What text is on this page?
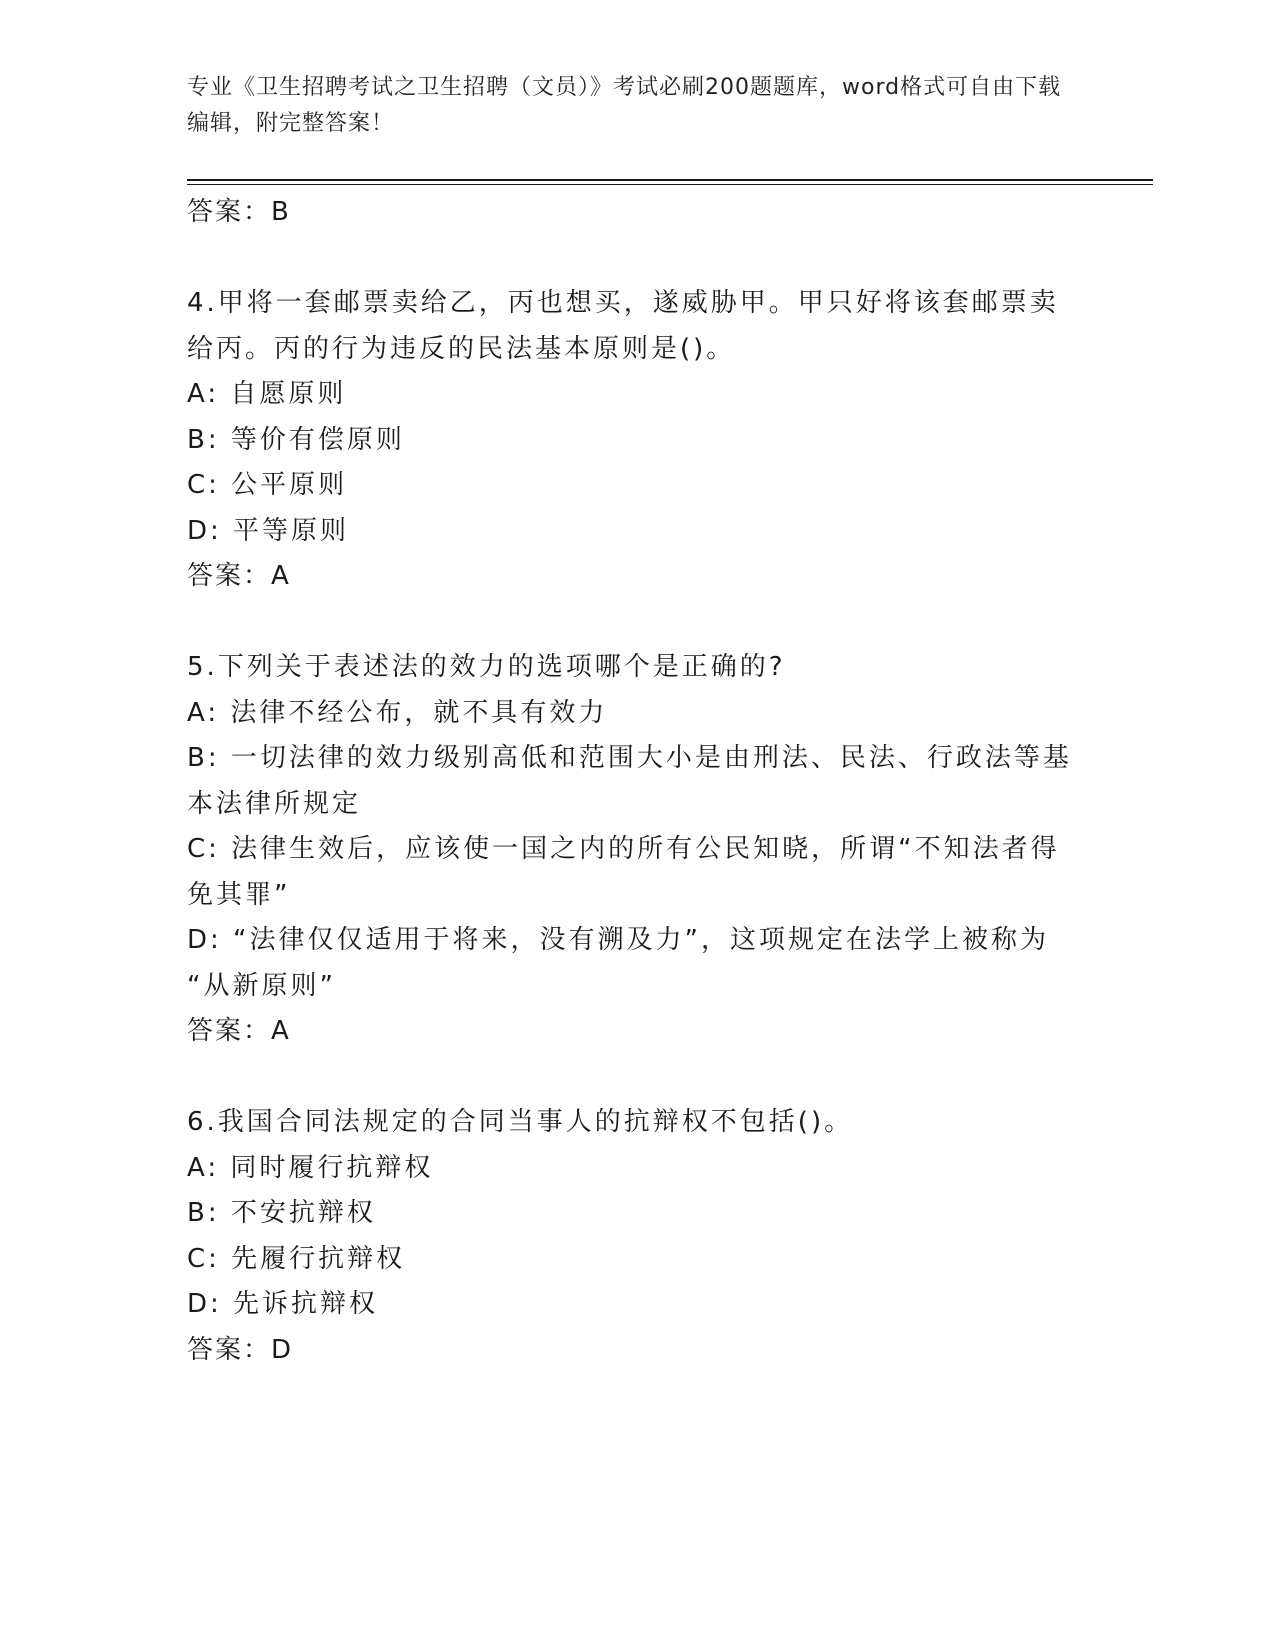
专业《卫生招聘考试之卫生招聘（文员）》考试必刷200题题库，word格式可自由下载编辑，附完整答案！
答案：B
4.甲将一套邮票卖给乙，丙也想买，遂威胁甲。甲只好将该套邮票卖
给丙。丙的行为违反的民法基本原则是()。
A: 自愿原则
B: 等价有偿原则
C: 公平原则
D: 平等原则
答案：A
5.下列关于表述法的效力的选项哪个是正确的?
A: 法律不经公布，就不具有效力
B: 一切法律的效力级别高低和范围大小是由刑法、民法、行政法等基
本法律所规定
C: 法律生效后，应该使一国之内的所有公民知晓，所谓“不知法者得
免其罪”
D: “法律仅仅适用于将来，没有溯及力”，这项规定在法学上被称为
“从新原则”
答案：A
6.我国合同法规定的合同当事人的抗辩权不包括()。
A: 同时履行抗辩权
B: 不安抗辩权
C: 先履行抗辩权
D: 先诉抗辩权
答案：D
